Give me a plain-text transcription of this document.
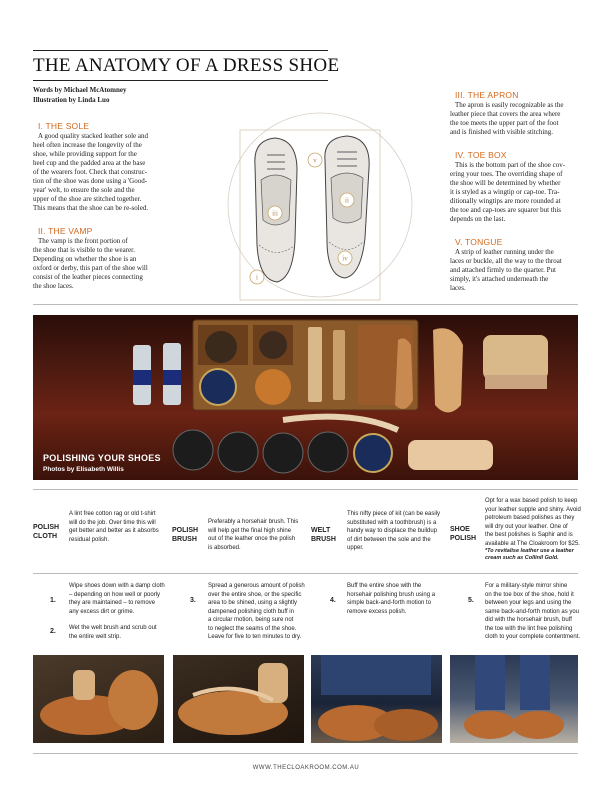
THE ANATOMY OF A DRESS SHOE
Words by Michael McAtomney
Illustration by Linda Luo
I. THE SOLE
A good quality stacked leather sole and
heel often increase the longevity of the
shoe, while providing support for the
heel cup and the padded area at the base
of the wearers foot. Check that construc-
tion of the shoe was done using a 'Good-
year' welt, to ensure the sole and the
upper of the shoe are stitched together.
This means that the shoe can be re-soled.
II. THE VAMP
The vamp is the front portion of
the shoe that is visible to the wearer.
Depending on whether the shoe is an
oxford or derby, this part of the shoe will
consist of the leather pieces connecting
the shoe laces.
i
ii
iii
iv
v
III. THE APRON
The apron is easily recognizable as the
leather piece that covers the area where
the toe meets the upper part of the foot
and is finished with visible stitching.
IV. TOE BOX
This is the bottom part of the shoe cov-
ering your toes. The overriding shape of
the shoe will be determined by whether
it is styled as a wingtip or cap-toe. Tra-
ditionally wingtips are more rounded at
the toe and cap-toes are squarer but this
depends on the last.
V. TONGUE
A strip of leather running under the
laces or buckle, all the way to the throat
and attached firmly to the quarter. Put
simply, it's attached underneath the
laces.
POLISHING YOUR SHOES
Photos by Elisabeth Willis
POLISH
CLOTH
A lint free cotton rag or old t-shirt
will do the job. Over time this will
get better and better as it absorbs
residual polish.
POLISH
BRUSH
Preferably a horsehair brush. This
will help get the final high shine
out of the leather once the polish
is absorbed.
WELT
BRUSH
This nifty piece of kit (can be easily
substituted with a toothbrush) is a
handy way to displace the buildup
of dirt between the sole and the
upper.
SHOE
POLISH
Opt for a wax based polish to keep
your leather supple and shiny. Avoid
petroleum based polishes as they
will dry out your leather. One of
the best polishes is Saphir and is
available at The Cloakroom for $25.
*To revitalise leather use a leather
cream such as Collinil Gold.
1.
Wipe shoes down with a damp cloth
– depending on how well or poorly
they are maintained – to remove
any excess dirt or grime.
2. Wet the welt brush and scrub out
the entire welt strip.
3.
Spread a generous amount of polish
over the entire shoe, or the specific
area to be shined, using a slightly
dampened polishing cloth buff in
a circular motion, being sure not
to neglect the seams of the shoe.
Leave for five to ten minutes to dry.
4.
Buff the entire shoe with the
horsehair polishing brush using a
simple back-and-forth motion to
remove excess polish.
5.
For a military-style mirror shine
on the toe box of the shoe, hold it
between your legs and using the
same back-and-forth motion as you
did with the horsehair brush, buff
the toe with the lint free polishing
cloth to your complete contentment.
WWW.THECLOAKROOM.COM.AU
